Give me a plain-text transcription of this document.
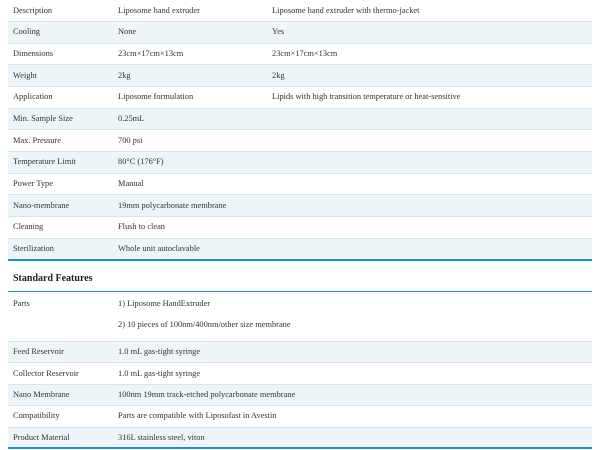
Description	Liposome hand extruder	Liposome hand extruder with thermo-jacket
Cooling	None	Yes
Dimensions	23cm×17cm×13cm	23cm×17cm×13cm
Weight	2kg	2kg
Application	Liposome formulation	Lipids with high transition temperature or heat-sensitive
Min. Sample Size	0.25mL	
Max. Pressure	700 psi	
Temperature Limit	80°C (176°F)	
Power Type	Manual	
Nano-membrane	19mm polycarbonate membrane	
Cleaning	Flush to clean	
Sterilization	Whole unit autoclavable	
Standard Features
Parts	1) Liposome HandExtruder
2) 10 pieces of 100nm/400nm/other size membrane

Feed Reservoir	1.0 mL gas-tight syringe
Collector Reservoir	1.0 mL gas-tight syringe
Nano Membrane	100nm 19mm track-etched polycarbonate membrane
Compatibility	Parts are compatible with Liposofast in Avestin
Product Material	316L stainless steel, viton
